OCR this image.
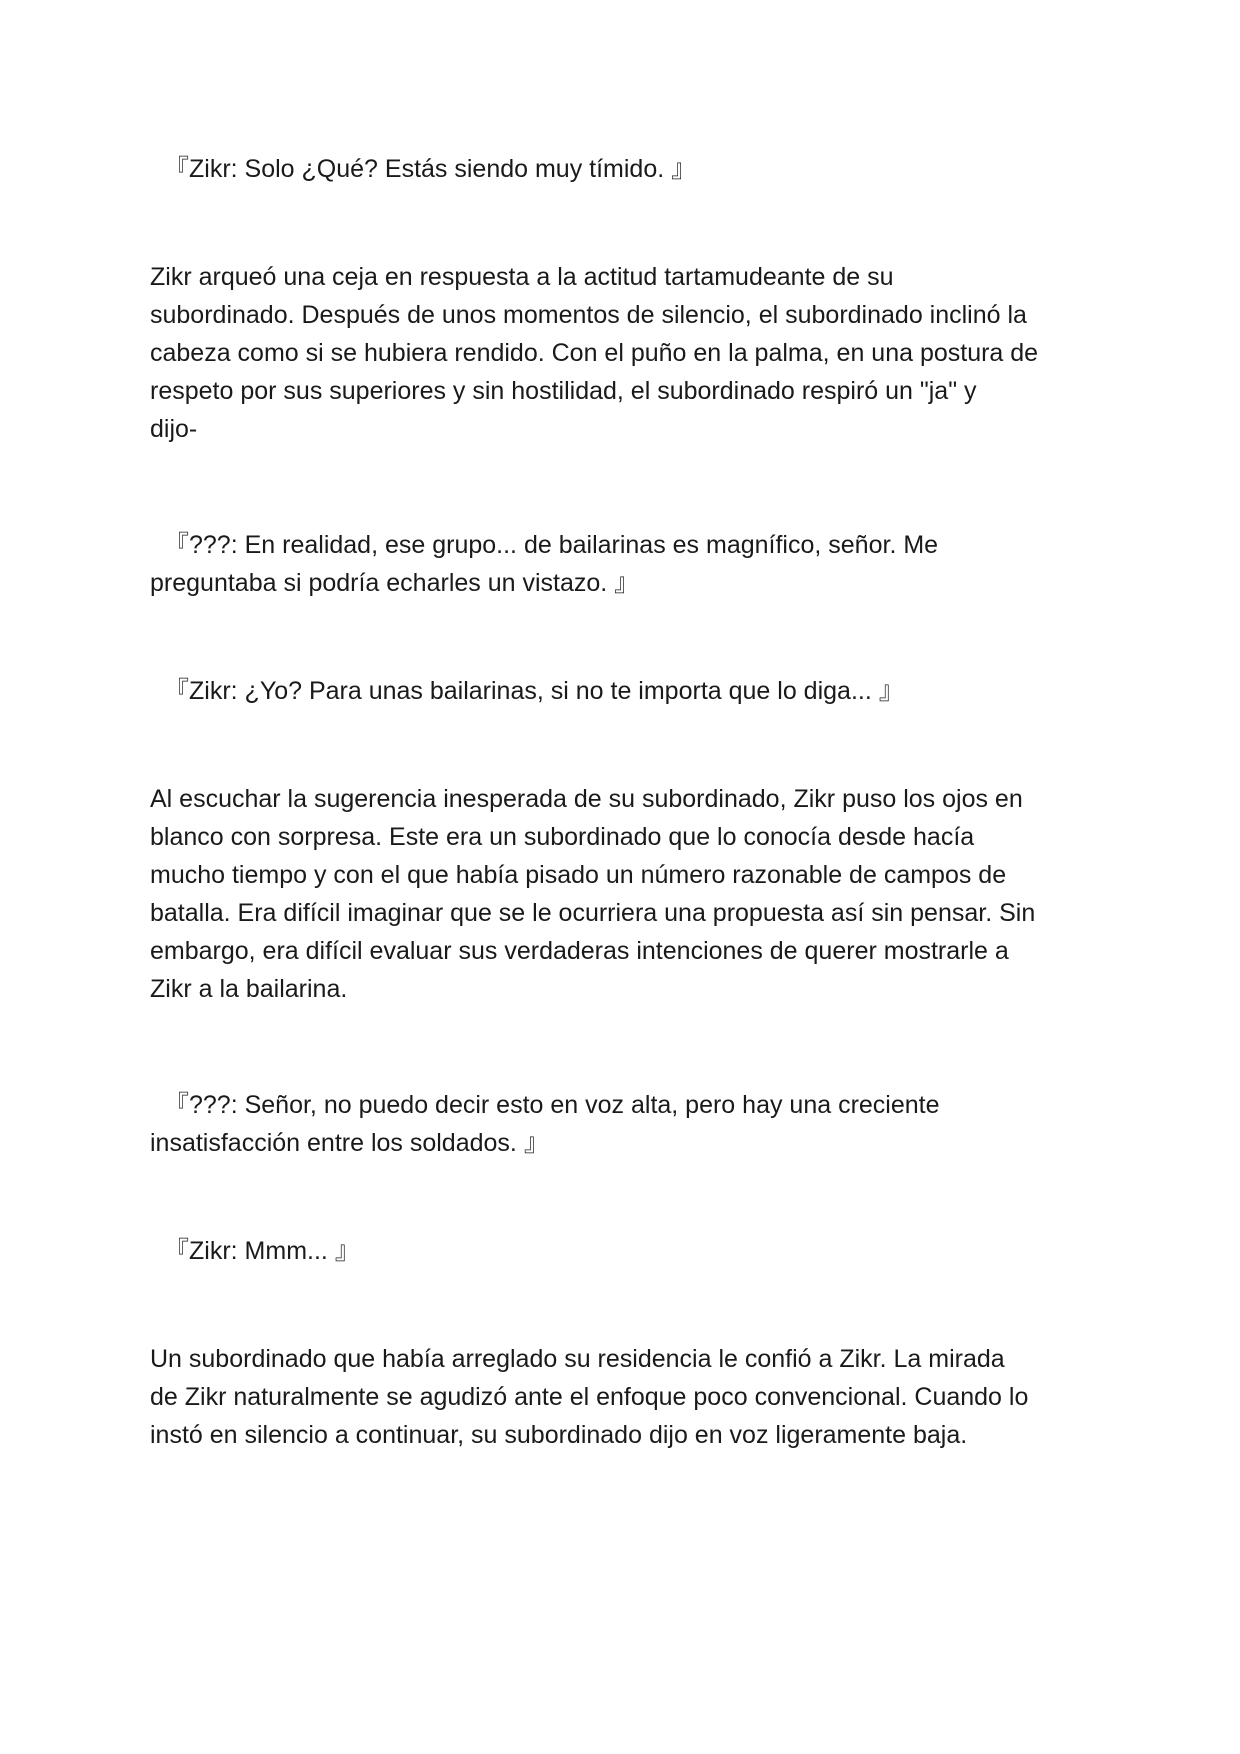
『Zikr: Solo ¿Qué? Estás siendo muy tímido. 』

Zikr arqueó una ceja en respuesta a la actitud tartamudeante de su
subordinado. Después de unos momentos de silencio, el subordinado inclinó la
cabeza como si se hubiera rendido. Con el puño en la palma, en una postura de
respeto por sus superiores y sin hostilidad, el subordinado respiró un "ja" y
dijo-

『???: En realidad, ese grupo... de bailarinas es magnífico, señor. Me
preguntaba si podría echarles un vistazo. 』

『Zikr: ¿Yo? Para unas bailarinas, si no te importa que lo diga... 』

Al escuchar la sugerencia inesperada de su subordinado, Zikr puso los ojos en
blanco con sorpresa. Este era un subordinado que lo conocía desde hacía
mucho tiempo y con el que había pisado un número razonable de campos de
batalla. Era difícil imaginar que se le ocurriera una propuesta así sin pensar. Sin
embargo, era difícil evaluar sus verdaderas intenciones de querer mostrarle a
Zikr a la bailarina.

『???: Señor, no puedo decir esto en voz alta, pero hay una creciente
insatisfacción entre los soldados. 』

『Zikr: Mmm... 』

Un subordinado que había arreglado su residencia le confió a Zikr. La mirada
de Zikr naturalmente se agudizó ante el enfoque poco convencional. Cuando lo
instó en silencio a continuar, su subordinado dijo en voz ligeramente baja.
